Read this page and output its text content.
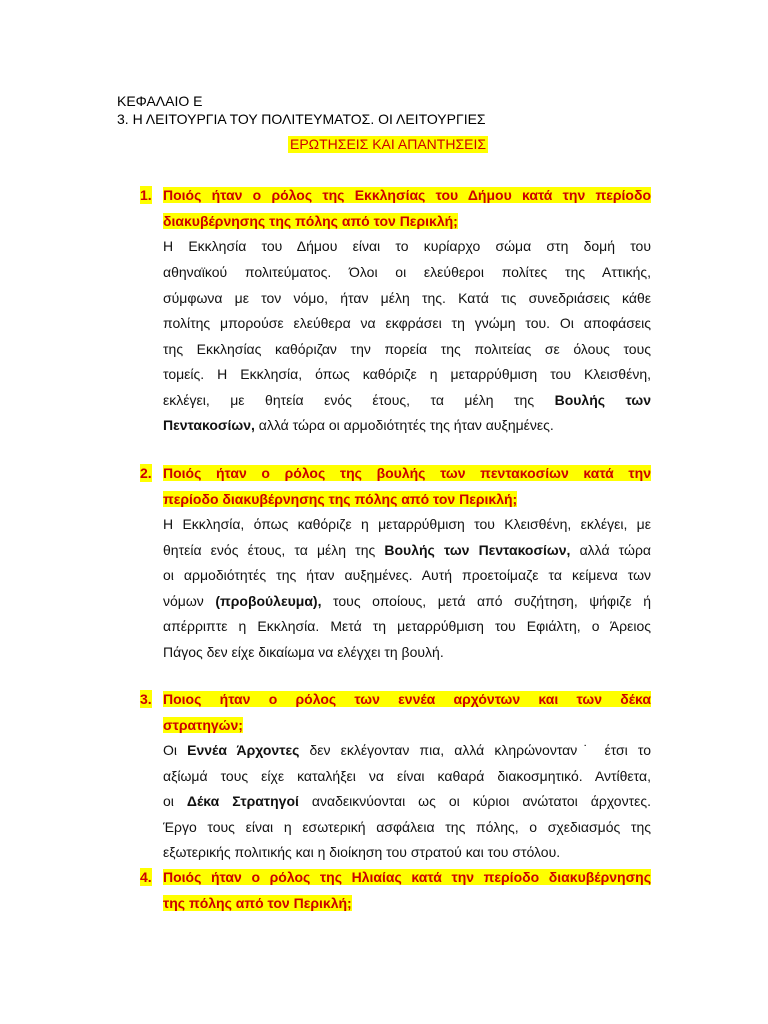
ΚΕΦΑΛΑΙΟ Ε
3. Η ΛΕΙΤΟΥΡΓΙΑ ΤΟΥ ΠΟΛΙΤΕΥΜΑΤΟΣ. ΟΙ ΛΕΙΤΟΥΡΓΙΕΣ
ΕΡΩΤΗΣΕΙΣ ΚΑΙ ΑΠΑΝΤΗΣΕΙΣ
1. Ποιός ήταν ο ρόλος της Εκκλησίας του Δήμου κατά την περίοδο
διακυβέρνησης της πόλης από τον Περικλή;
Η Εκκλησία του Δήμου είναι το κυρίαρχο σώμα στη δομή του
αθηναϊκού πολιτεύματος. Όλοι οι ελεύθεροι πολίτες της Αττικής,
σύμφωνα με τον νόμο, ήταν μέλη της. Κατά τις συνεδριάσεις κάθε
πολίτης μπορούσε ελεύθερα να εκφράσει τη γνώμη του. Οι αποφάσεις
της Εκκλησίας καθόριζαν την πορεία της πολιτείας σε όλους τους
τομείς. Η Εκκλησία, όπως καθόριζε η μεταρρύθμιση του Κλεισθένη,
εκλέγει, με θητεία ενός έτους, τα μέλη της Βουλής των
Πεντακοσίων, αλλά τώρα οι αρμοδιότητές της ήταν αυξημένες.
2. Ποιός ήταν ο ρόλος της βουλής των πεντακοσίων κατά την
περίοδο διακυβέρνησης της πόλης από τον Περικλή;
Η Εκκλησία, όπως καθόριζε η μεταρρύθμιση του Κλεισθένη, εκλέγει, με
θητεία ενός έτους, τα μέλη της Βουλής των Πεντακοσίων, αλλά τώρα
οι αρμοδιότητές της ήταν αυξημένες. Αυτή προετοίμαζε τα κείμενα των
νόμων (προβούλευμα), τους οποίους, μετά από συζήτηση, ψήφιζε ή
απέρριπτε η Εκκλησία. Μετά τη μεταρρύθμιση του Εφιάλτη, ο Άρειος
Πάγος δεν είχε δικαίωμα να ελέγχει τη βουλή.
3. Ποιος ήταν ο ρόλος των εννέα αρχόντων και των δέκα
στρατηγών;
Οι Εννέα Άρχοντες δεν εκλέγονταν πια, αλλά κληρώνονταν˙ έτσι το
αξίωμά τους είχε καταλήξει να είναι καθαρά διακοσμητικό. Αντίθετα,
οι Δέκα Στρατηγοί αναδεικνύονται ως οι κύριοι ανώτατοι άρχοντες.
Έργο τους είναι η εσωτερική ασφάλεια της πόλης, ο σχεδιασμός της
εξωτερικής πολιτικής και η διοίκηση του στρατού και του στόλου.
4. Ποιός ήταν ο ρόλος της Ηλιαίας κατά την περίοδο διακυβέρνησης
της πόλης από τον Περικλή;
